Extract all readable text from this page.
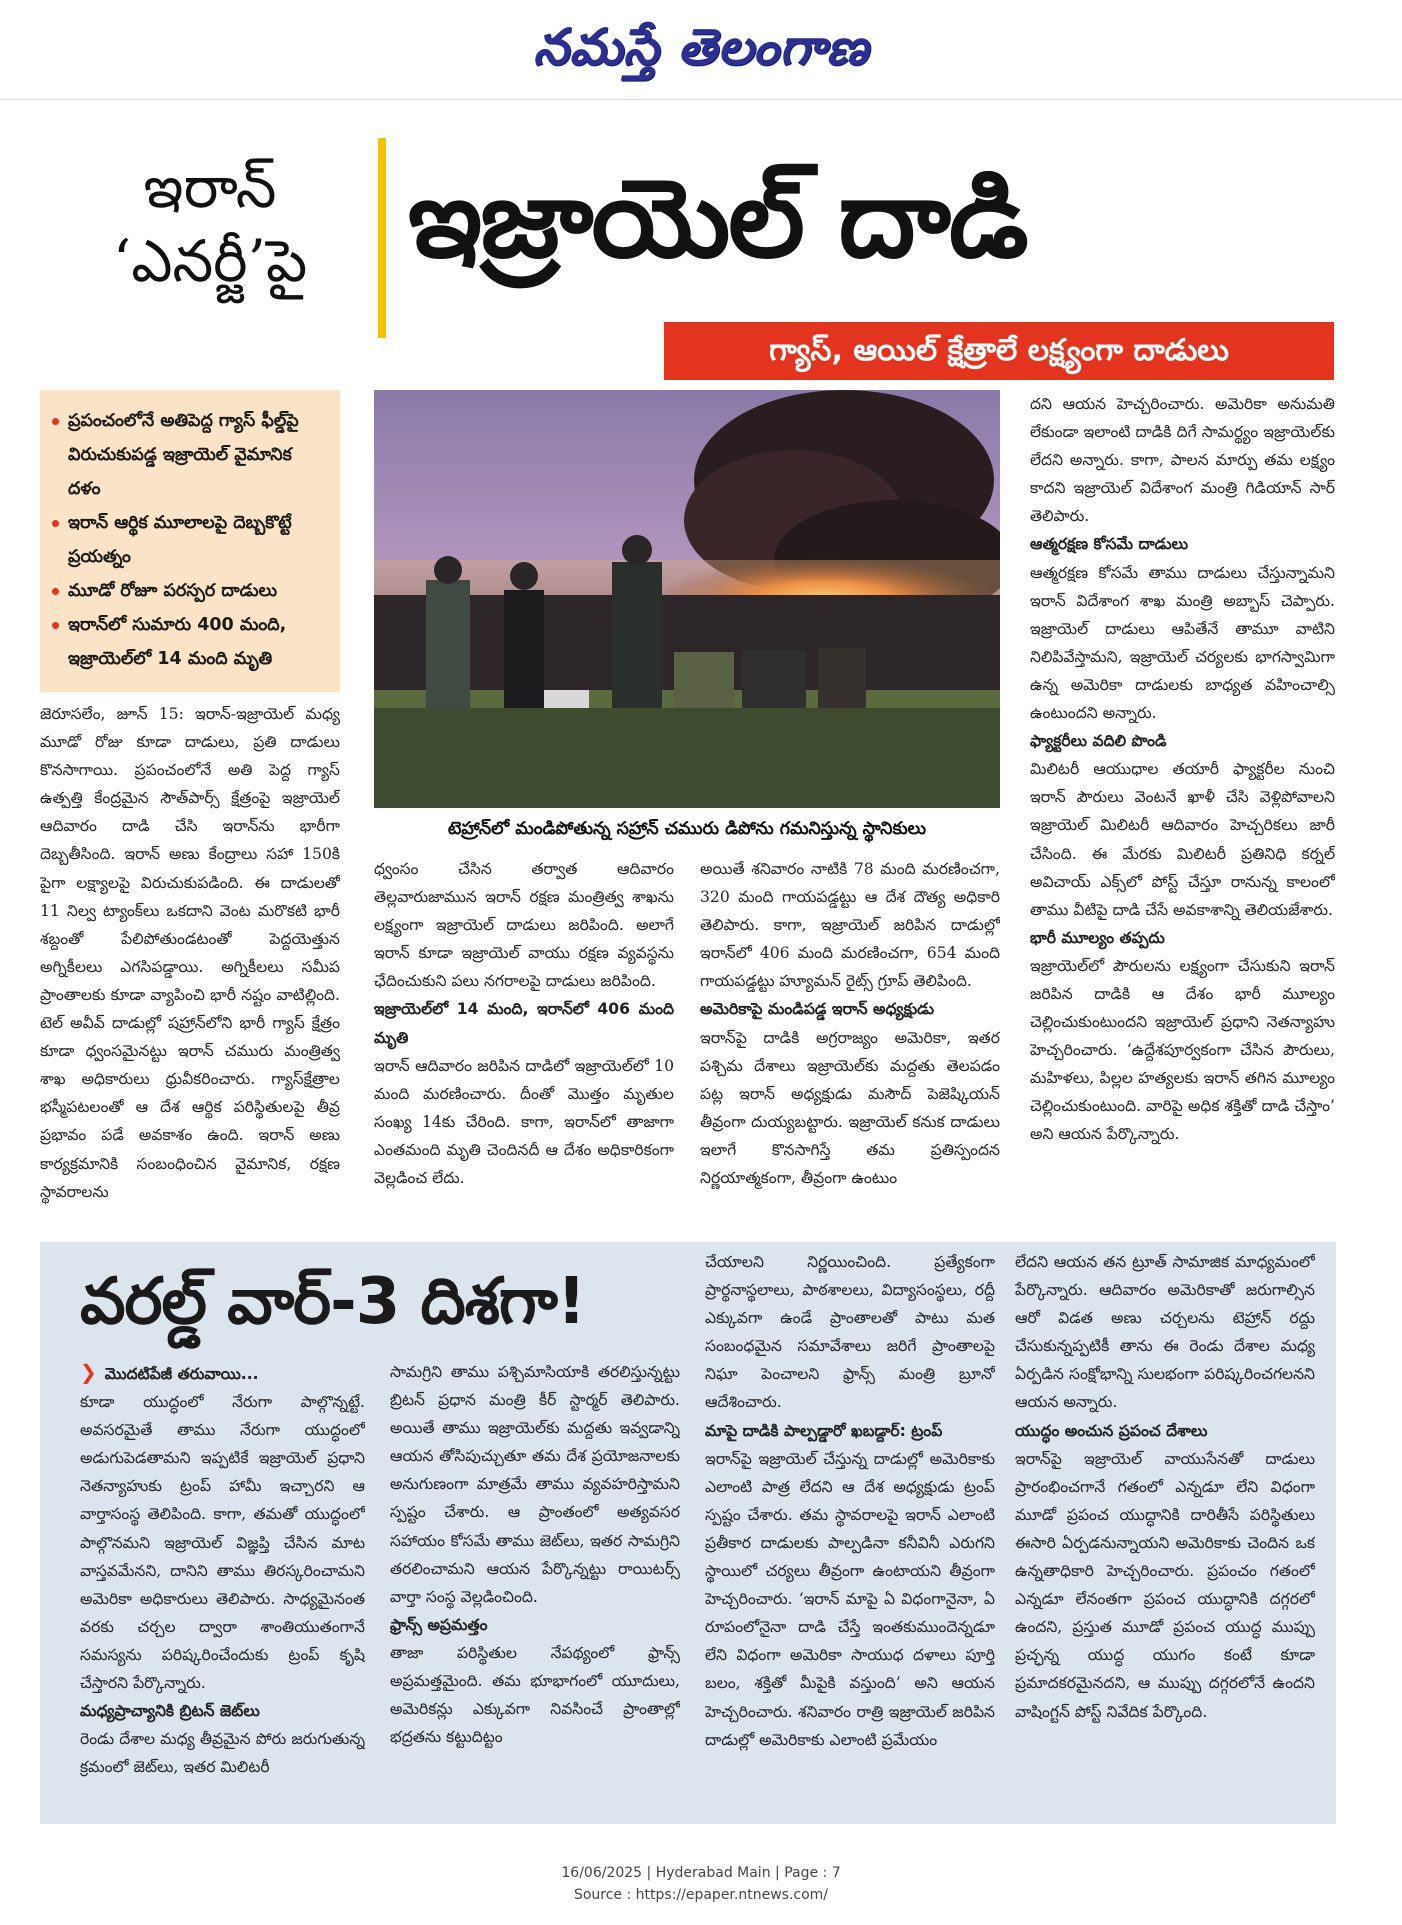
నమస్తే తెలంగాణ
ఇరాన్
‘ఎనర్జీ’పై ఇజ్రాయెల్ దాడి
గ్యాస్, ఆయిల్ క్షేత్రాలే లక్ష్యంగా దాడులు
ప్రపంచంలోనే అతిపెద్ద గ్యాస్ ఫీల్డ్‌పై విరుచుకుపడ్డ ఇజ్రాయెల్ వైమానిక దళం
ఇరాన్ ఆర్థిక మూలాలపై దెబ్బకొట్టే ప్రయత్నం
మూడో రోజూ పరస్పర దాడులు
ఇరాన్‌లో సుమారు 400 మంది, ఇజ్రాయెల్‌లో 14 మంది మృతి

జెరూసలేం, జూన్ 15: ఇరాన్-ఇజ్రాయెల్ మధ్య మూడో రోజు కూడా దాడులు, ప్రతి దాడులు కొనసాగాయి. ప్రపంచంలోనే అతి పెద్ద గ్యాస్ ఉత్పత్తి కేంద్రమైన సౌత్‌పార్స్ క్షేత్రంపై ఇజ్రాయెల్ ఆదివారం దాడి చేసి ఇరాన్‌ను భారీగా దెబ్బతీసింది. ఇరాన్ అణు కేంద్రాలు సహా 150కి పైగా లక్ష్యాలపై విరుచుకుపడింది. ఈ దాడులతో 11 నిల్వ ట్యాంక్‌లు ఒకదాని వెంట మరొకటి భారీ శబ్దంతో పేలిపోతుండటంతో పెద్దయెత్తున అగ్నికీలలు ఎగసిపడ్డాయి. అగ్నికీలలు సమీప ప్రాంతాలకు కూడా వ్యాపించి భారీ నష్టం వాటిల్లింది. టెల్ అవీవ్ దాడుల్లో షహ్రాన్‌లోని భారీ గ్యాస్ క్షేత్రం కూడా ధ్వంసమైనట్టు ఇరాన్ చమురు మంత్రిత్వ శాఖ అధికారులు ధ్రువీకరించారు. గ్యాస్‌క్షేత్రాల భస్మీపటలంతో ఆ దేశ ఆర్థిక పరిస్థితులపై తీవ్ర ప్రభావం పడే అవకాశం ఉంది. ఇరాన్ అణు కార్యక్రమానికి సంబంధించిన వైమానిక, రక్షణ స్థావరాలను

టెహ్రాన్‌లో మండిపోతున్న సహ్రాన్ చమురు డిపోను గమనిస్తున్న స్థానికులు

ధ్వంసం చేసిన తర్వాత ఆదివారం తెల్లవారుజామున ఇరాన్ రక్షణ మంత్రిత్వ శాఖను లక్ష్యంగా ఇజ్రాయెల్ దాడులు జరిపింది. అలాగే ఇరాన్ కూడా ఇజ్రాయెల్ వాయు రక్షణ వ్యవస్థను ఛేదించుకుని పలు నగరాలపై దాడులు జరిపింది.

ఇజ్రాయెల్‌లో 14 మంది, ఇరాన్‌లో 406 మంది మృతి

ఇరాన్ ఆదివారం జరిపిన దాడిలో ఇజ్రాయెల్‌లో 10 మంది మరణించారు. దీంతో మొత్తం మృతుల సంఖ్య 14కు చేరింది. కాగా, ఇరాన్‌లో తాజాగా ఎంతమంది మృతి చెందినదీ ఆ దేశం అధికారికంగా వెల్లడించ లేదు.

అయితే శనివారం నాటికి 78 మంది మరణించగా, 320 మంది గాయపడ్డట్టు ఆ దేశ దౌత్య అధికారి తెలిపారు. కాగా, ఇజ్రాయెల్ జరిపిన దాడుల్లో ఇరాన్‌లో 406 మంది మరణించగా, 654 మంది గాయపడ్డట్టు హ్యూమన్ రైట్స్ గ్రూప్ తెలిపింది.

అమెరికాపై మండిపడ్డ ఇరాన్ అధ్యక్షుడు

ఇరాన్‌పై దాడికి అగ్రరాజ్యం అమెరికా, ఇతర పశ్చిమ దేశాలు ఇజ్రాయెల్‌కు మద్దతు తెలపడం పట్ల ఇరాన్ అధ్యక్షుడు మసౌద్ పెజెష్కియన్ తీవ్రంగా దుయ్యబట్టారు. ఇజ్రాయెల్ కనుక దాడులు ఇలాగే కొనసాగిస్తే తమ ప్రతిస్పందన నిర్ణయాత్మకంగా, తీవ్రంగా ఉంటుం

దని ఆయన హెచ్చరించారు. అమెరికా అనుమతి లేకుండా ఇలాంటి దాడికి దిగే సామర్థ్యం ఇజ్రాయెల్‌కు లేదని అన్నారు. కాగా, పాలన మార్పు తమ లక్ష్యం కాదని ఇజ్రాయెల్ విదేశాంగ మంత్రి గిడియాన్ సార్ తెలిపారు.

ఆత్మరక్షణ కోసమే దాడులు

ఆత్మరక్షణ కోసమే తాము దాడులు చేస్తున్నామని ఇరాన్ విదేశాంగ శాఖ మంత్రి అబ్బాస్ చెప్పారు. ఇజ్రాయెల్ దాడులు ఆపితేనే తామూ వాటిని నిలిపివేస్తామని, ఇజ్రాయెల్ చర్యలకు భాగస్వామిగా ఉన్న అమెరికా దాడులకు బాధ్యత వహించాల్సి ఉంటుందని అన్నారు.

ఫ్యాక్టరీలు వదిలి పొండి

మిలిటరీ ఆయుధాల తయారీ ఫ్యాక్టరీల నుంచి ఇరాన్ పౌరులు వెంటనే ఖాళీ చేసి వెళ్లిపోవాలని ఇజ్రాయెల్ మిలిటరీ ఆదివారం హెచ్చరికలు జారీ చేసింది. ఈ మేరకు మిలిటరీ ప్రతినిధి కర్నల్ అవిచాయ్ ఎక్స్‌లో పోస్ట్ చేస్తూ రానున్న కాలంలో తాము వీటిపై దాడి చేసే అవకాశాన్ని తెలియజేశారు.

భారీ మూల్యం తప్పదు

ఇజ్రాయెల్‌లో పౌరులను లక్ష్యంగా చేసుకుని ఇరాన్ జరిపిన దాడికి ఆ దేశం భారీ మూల్యం చెల్లించుకుంటుందని ఇజ్రాయెల్ ప్రధాని నెతన్యాహు హెచ్చరించారు. ‘ఉద్దేశపూర్వకంగా చేసిన పౌరులు, మహిళలు, పిల్లల హత్యలకు ఇరాన్ తగిన మూల్యం చెల్లించుకుంటుంది. వారిపై అధిక శక్తితో దాడి చేస్తాం’ అని ఆయన పేర్కొన్నారు.

వరల్డ్ వార్-3 దిశగా!

❯ మొదటిపేజీ తరువాయి...

కూడా యుద్ధంలో నేరుగా పాల్గొన్నట్టే. అవసరమైతే తాము నేరుగా యుద్ధంలో అడుగుపెడతామని ఇప్పటికే ఇజ్రాయెల్ ప్రధాని నెతన్యాహుకు ట్రంప్ హామీ ఇచ్చారని ఆ వార్తాసంస్థ తెలిపింది. కాగా, తమతో యుద్ధంలో పాల్గొనమని ఇజ్రాయెల్ విజ్ఞప్తి చేసిన మాట వాస్తవమేనని, దానిని తాము తిరస్కరించామని అమెరికా అధికారులు తెలిపారు. సాధ్యమైనంత వరకు చర్చల ద్వారా శాంతియుతంగానే సమస్యను పరిష్కరించేందుకు ట్రంప్ కృషి చేస్తారని పేర్కొన్నారు.

మధ్యప్రాచ్యానికి బ్రిటన్ జెట్‌లు

రెండు దేశాల మధ్య తీవ్రమైన పోరు జరుగుతున్న క్రమంలో జెట్‌లు, ఇతర మిలిటరీ

సామగ్రిని తాము పశ్చిమాసియాకి తరలిస్తున్నట్టు బ్రిటన్ ప్రధాన మంత్రి కీర్ స్టార్మర్ తెలిపారు. అయితే తాము ఇజ్రాయెల్‌కు మద్దతు ఇవ్వడాన్ని ఆయన తోసిపుచ్చుతూ తమ దేశ ప్రయోజనాలకు అనుగుణంగా మాత్రమే తాము వ్యవహరిస్తామని స్పష్టం చేశారు. ఆ ప్రాంతంలో అత్యవసర సహాయం కోసమే తాము జెట్‌లు, ఇతర సామగ్రిని తరలించామని ఆయన పేర్కొన్నట్టు రాయిటర్స్ వార్తా సంస్థ వెల్లడించింది.

ఫ్రాన్స్ అప్రమత్తం

తాజా పరిస్థితుల నేపథ్యంలో ఫ్రాన్స్ అప్రమత్తమైంది. తమ భూభాగంలో యూదులు, అమెరికన్లు ఎక్కువగా నివసించే ప్రాంతాల్లో భద్రతను కట్టుదిట్టం

చేయాలని నిర్ణయించింది. ప్రత్యేకంగా ప్రార్థనాస్థలాలు, పాఠశాలలు, విద్యాసంస్థలు, రద్దీ ఎక్కువగా ఉండే ప్రాంతాలతో పాటు మత సంబంధమైన సమావేశాలు జరిగే ప్రాంతాలపై నిఘా పెంచాలని ఫ్రాన్స్ మంత్రి బ్రూనో ఆదేశించారు.

మాపై దాడికి పాల్పడ్డారో ఖబడ్దార్: ట్రంప్

ఇరాన్‌పై ఇజ్రాయెల్ చేస్తున్న దాడుల్లో అమెరికాకు ఎలాంటి పాత్ర లేదని ఆ దేశ అధ్యక్షుడు ట్రంప్ స్పష్టం చేశారు. తమ స్థావరాలపై ఇరాన్ ఎలాంటి ప్రతీకార దాడులకు పాల్పడినా కనీవినీ ఎరుగని స్థాయిలో చర్యలు తీవ్రంగా ఉంటాయని తీవ్రంగా హెచ్చరించారు. ‘ఇరాన్ మాపై ఏ విధంగానైనా, ఏ రూపంలోనైనా దాడి చేస్తే ఇంతకుముందెన్నడూ లేని విధంగా అమెరికా సాయుధ దళాలు పూర్తి బలం, శక్తితో మీపైకి వస్తుంది’ అని ఆయన హెచ్చరించారు. శనివారం రాత్రి ఇజ్రాయెల్ జరిపిన దాడుల్లో అమెరికాకు ఎలాంటి ప్రమేయం

లేదని ఆయన తన ట్రూత్ సామాజిక మాధ్యమంలో పేర్కొన్నారు. ఆదివారం అమెరికాతో జరుగాల్సిన ఆరో విడత అణు చర్చలను టెహ్రాన్ రద్దు చేసుకున్నప్పటికీ తాను ఈ రెండు దేశాల మధ్య ఏర్పడిన సంక్షోభాన్ని సులభంగా పరిష్కరించగలనని ఆయన అన్నారు.

యుద్ధం అంచున ప్రపంచ దేశాలు

ఇరాన్‌పై ఇజ్రాయెల్ వాయుసేనతో దాడులు ప్రారంభించగానే గతంలో ఎన్నడూ లేని విధంగా మూడో ప్రపంచ యుద్ధానికి దారితీసే పరిస్థితులు ఈసారి ఏర్పడనున్నాయని అమెరికాకు చెందిన ఒక ఉన్నతాధికారి హెచ్చరించారు. ప్రపంచం గతంలో ఎన్నడూ లేనంతగా ప్రపంచ యుద్ధానికి దగ్గరలో ఉందని, ప్రస్తుత మూడో ప్రపంచ యుద్ధ ముప్పు ప్రచ్ఛన్న యుద్ధ యుగం కంటే కూడా ప్రమాదకరమైనదని, ఆ ముప్పు దగ్గరలోనే ఉందని వాషింగ్టన్ పోస్ట్ నివేదిక పేర్కొంది.

16/06/2025 | Hyderabad Main | Page : 7
Source : https://epaper.ntnews.com/
